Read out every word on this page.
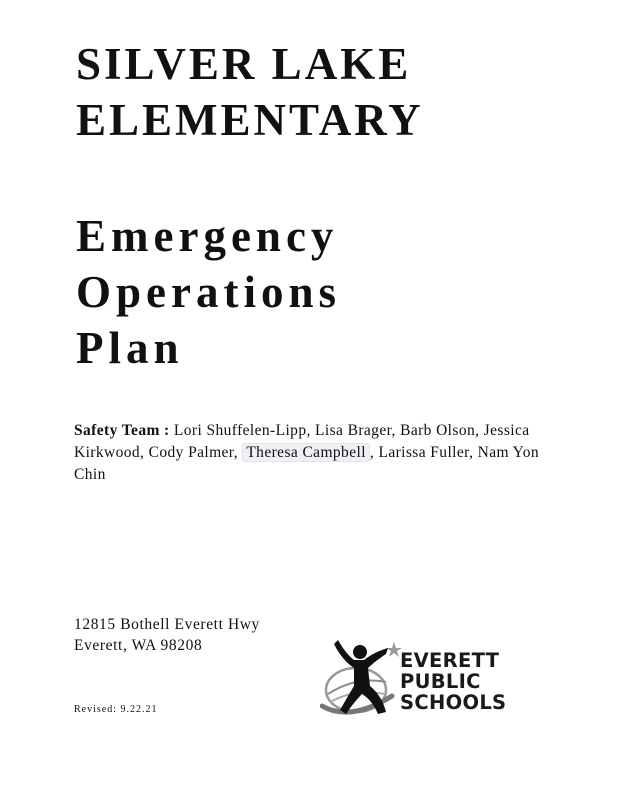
SILVER LAKE
ELEMENTARY
Emergency
Operations
Plan

Safety Team : Lori Shuffelen-Lipp, Lisa Brager, Barb Olson, Jessica Kirkwood, Cody Palmer, Theresa Campbell , Larissa Fuller, Nam Yon Chin

12815 Bothell Everett Hwy
Everett, WA 98208

Revised: 9.22.21
EVERETT
PUBLIC
SCHOOLS
